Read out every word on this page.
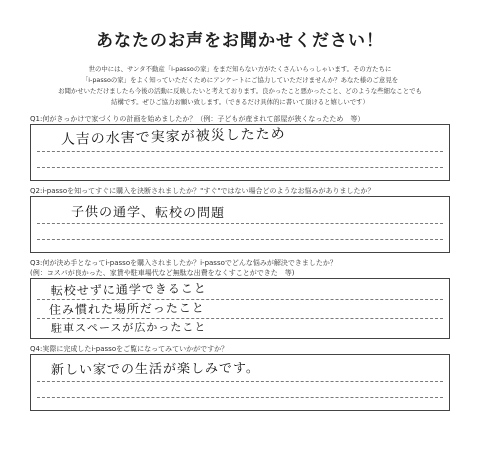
あなたのお声をお聞かせください！
世の中には、サンタ不動産「i-passoの家」をまだ知らない方がたくさんいらっしゃいます。その方たちに
「i-passoの家」をよく知っていただくためにアンケートにご協力していただけませんか？あなた様のご意見を
お聞かせいただけましたら今後の活動に反映したいと考えております。良かったこと悪かったこと、どのような些細なことでも
結構です。ぜひご協力お願い致します。（できるだけ具体的に書いて頂けると嬉しいです）
Q1:何がきっかけで家づくりの計画を始めましたか？（例：子どもが産まれて部屋が狭くなったため　等）
人吉の水害で実家が被災したため
Q2:i-passoを知ってすぐに購入を決断されましたか？"すぐ"ではない場合どのようなお悩みがありましたか？
子供の通学、転校の問題
Q3:何が決め手となってi-passoを購入されましたか？i-passoでどんな悩みが解決できましたか？
(例：コスパが良かった、家賃や駐車場代など無駄な出費をなくすことができた　等)
転校せずに通学できること
住み慣れた場所だったこと
駐車スペースが広かったこと
Q4:実際に完成したi-passoをご覧になってみていかがですか？
新しい家での生活が楽しみです。
